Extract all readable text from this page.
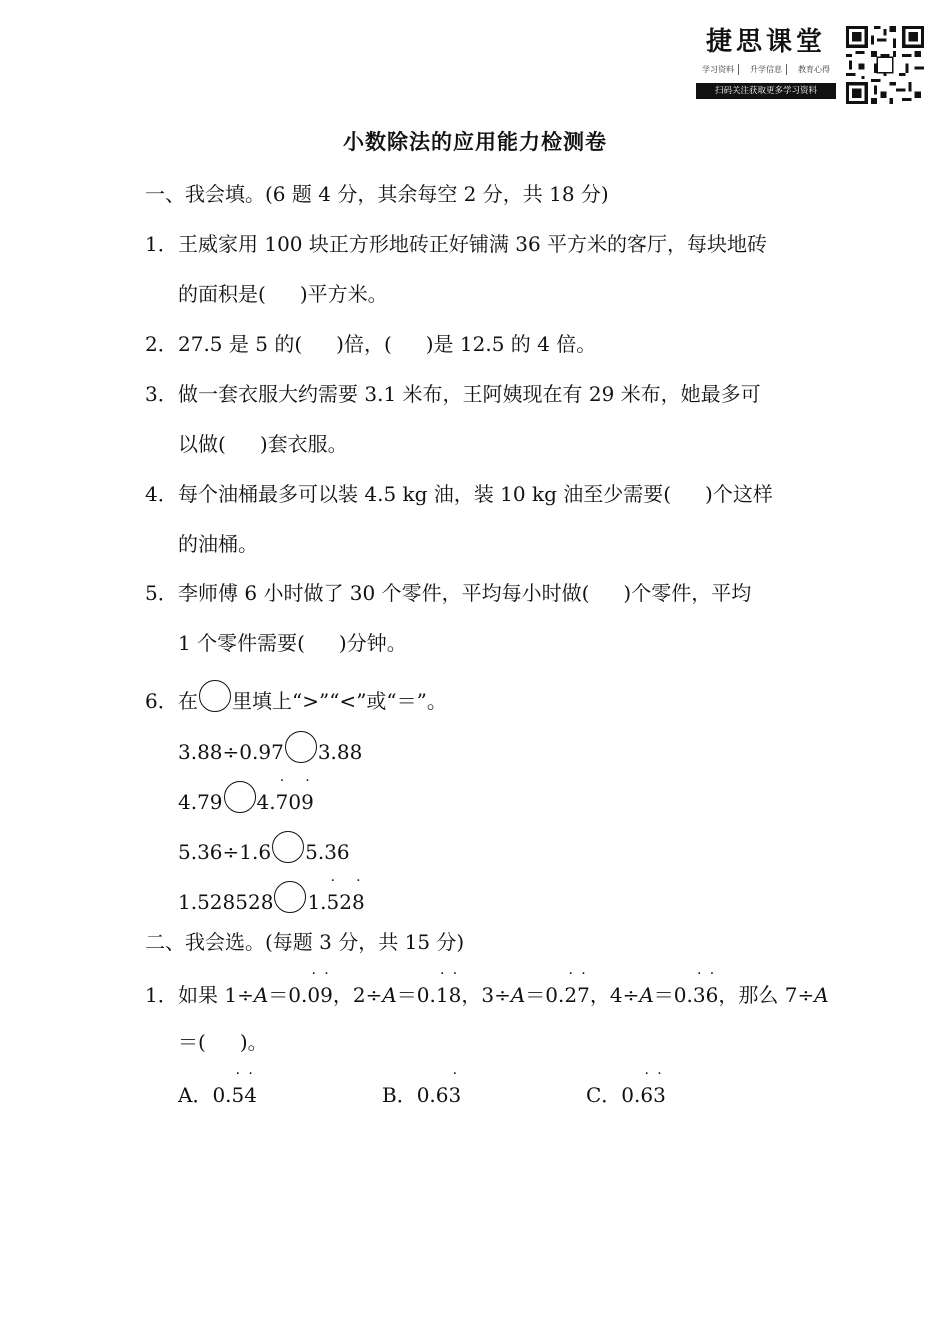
捷思课堂
学习资料	升学信息	教育心得
扫码关注获取更多学习资料
小数除法的应用能力检测卷
一、我会填。(6 题 4 分，其余每空 2 分，共 18 分)
1．王威家用 100 块正方形地砖正好铺满 36 平方米的客厅，每块地砖
的面积是( )平方米。
2．27.5 是 5 的( )倍，( )是 12.5 的 4 倍。
3．做一套衣服大约需要 3.1 米布，王阿姨现在有 29 米布，她最多可
以做( )套衣服。
4．每个油桶最多可以装 4.5 kg 油，装 10 kg 油至少需要( )个这样
的油桶。
5．李师傅 6 小时做了 30 个零件，平均每小时做( )个零件，平均
1 个零件需要( )分钟。
6．在 里填上“>”“<”或“＝”。
3.88÷0.97 3.88
4.79 4.· 70· 9
5.36÷1.6 5.36
1.528528 1.· 52· 8
二、我会选。(每题 3 分，共 15 分)
1．如果 1÷A＝0.· 0· 9，2÷A＝0.· 1· 8，3÷A＝0.· 2· 7，4÷A＝0.· 3· 6，那么 7÷A
＝( )。
A．0.· 5· 4	B．0.6· 3	C．0.· 6· 3
